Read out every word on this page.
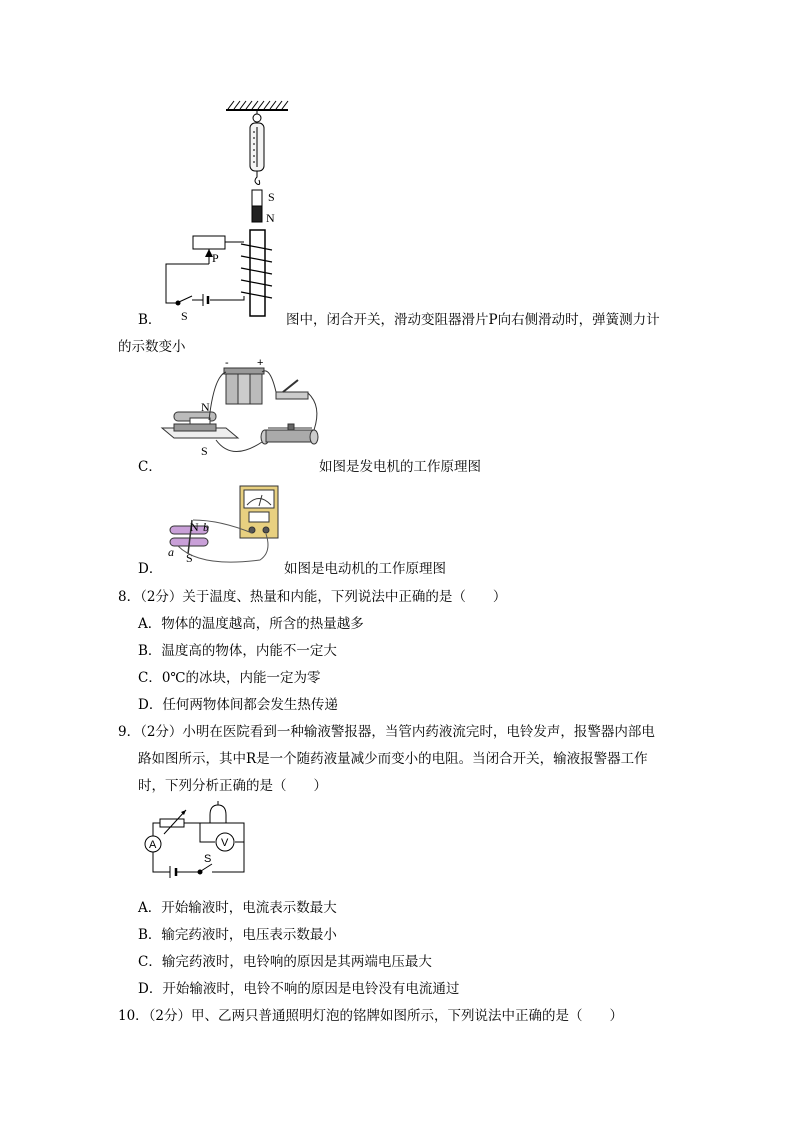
S
N
P
S
B．	图中，闭合开关，滑动变阻器滑片P向右侧滑动时，弹簧测力计
的示数变小
-	+
N
S
C．	如图是发电机的工作原理图
N
S
a
b
D．	如图是电动机的工作原理图
8．（2分）关于温度、热量和内能，下列说法中正确的是（　　）
A．物体的温度越高，所含的热量越多
B．温度高的物体，内能不一定大
C．0℃的冰块，内能一定为零
D．任何两物体间都会发生热传递
9．（2分）小明在医院看到一种输液警报器，当管内药液流完时，电铃发声，报警器内部电
路如图所示，其中R是一个随药液量减少而变小的电阻。当闭合开关，输液报警器工作
时，下列分析正确的是（　　）
A	V
S
A．开始输液时，电流表示数最大
B．输完药液时，电压表示数最小
C．输完药液时，电铃响的原因是其两端电压最大
D．开始输液时，电铃不响的原因是电铃没有电流通过
10．（2分）甲、乙两只普通照明灯泡的铭牌如图所示，下列说法中正确的是（　　）
